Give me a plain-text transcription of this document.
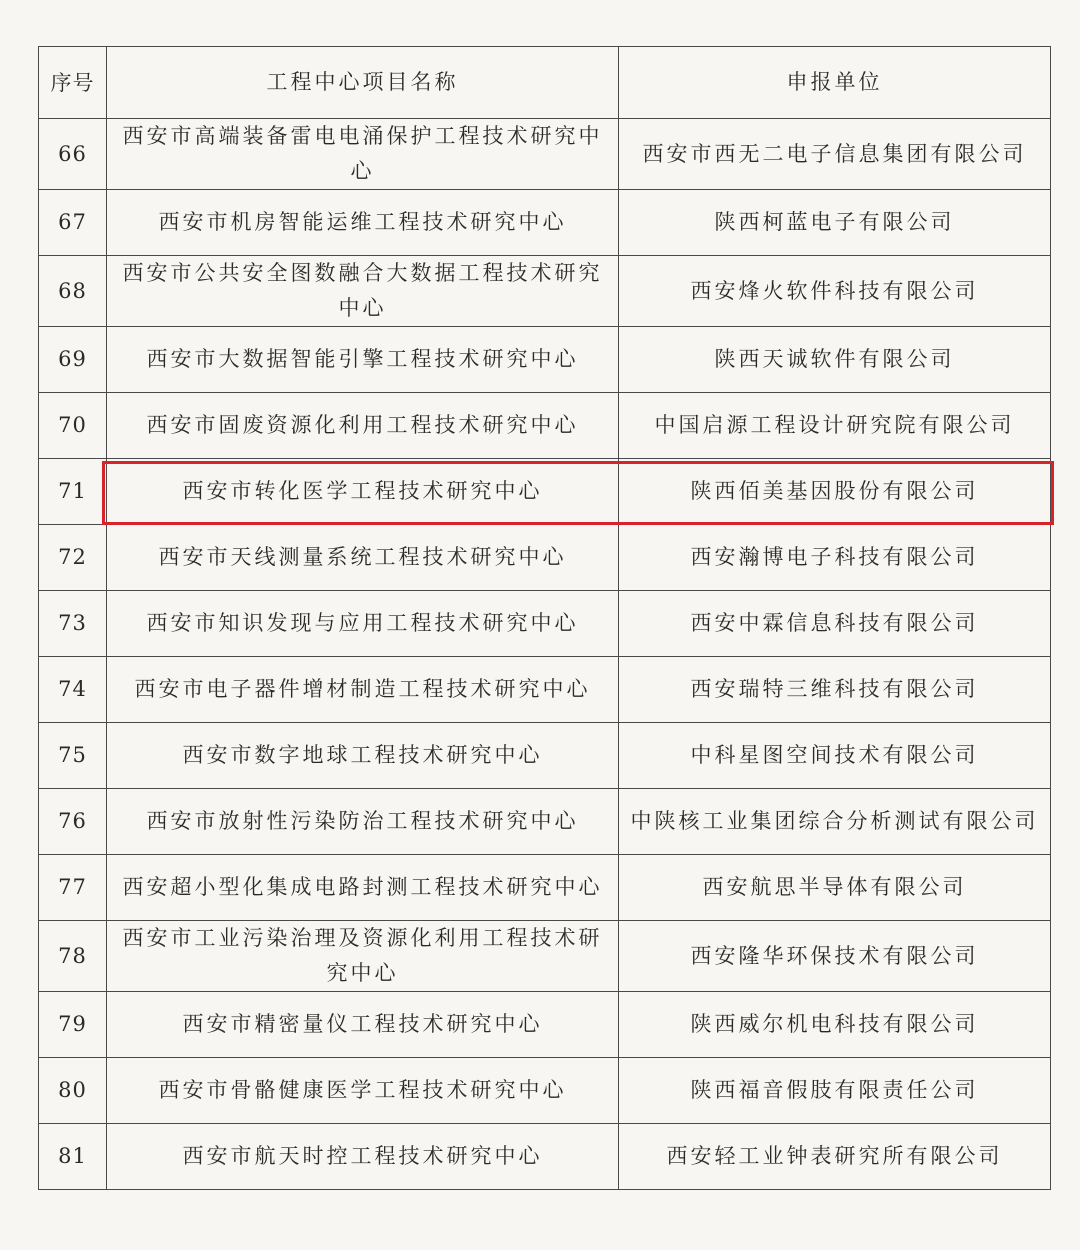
序号	工程中心项目名称	申报单位
66	西安市高端装备雷电电涌保护工程技术研究中心	西安市西无二电子信息集团有限公司
67	西安市机房智能运维工程技术研究中心	陕西柯蓝电子有限公司
68	西安市公共安全图数融合大数据工程技术研究中心	西安烽火软件科技有限公司
69	西安市大数据智能引擎工程技术研究中心	陕西天诚软件有限公司
70	西安市固废资源化利用工程技术研究中心	中国启源工程设计研究院有限公司
71	西安市转化医学工程技术研究中心	陕西佰美基因股份有限公司
72	西安市天线测量系统工程技术研究中心	西安瀚博电子科技有限公司
73	西安市知识发现与应用工程技术研究中心	西安中霖信息科技有限公司
74	西安市电子器件增材制造工程技术研究中心	西安瑞特三维科技有限公司
75	西安市数字地球工程技术研究中心	中科星图空间技术有限公司
76	西安市放射性污染防治工程技术研究中心	中陕核工业集团综合分析测试有限公司
77	西安超小型化集成电路封测工程技术研究中心	西安航思半导体有限公司
78	西安市工业污染治理及资源化利用工程技术研究中心	西安隆华环保技术有限公司
79	西安市精密量仪工程技术研究中心	陕西威尔机电科技有限公司
80	西安市骨骼健康医学工程技术研究中心	陕西福音假肢有限责任公司
81	西安市航天时控工程技术研究中心	西安轻工业钟表研究所有限公司
